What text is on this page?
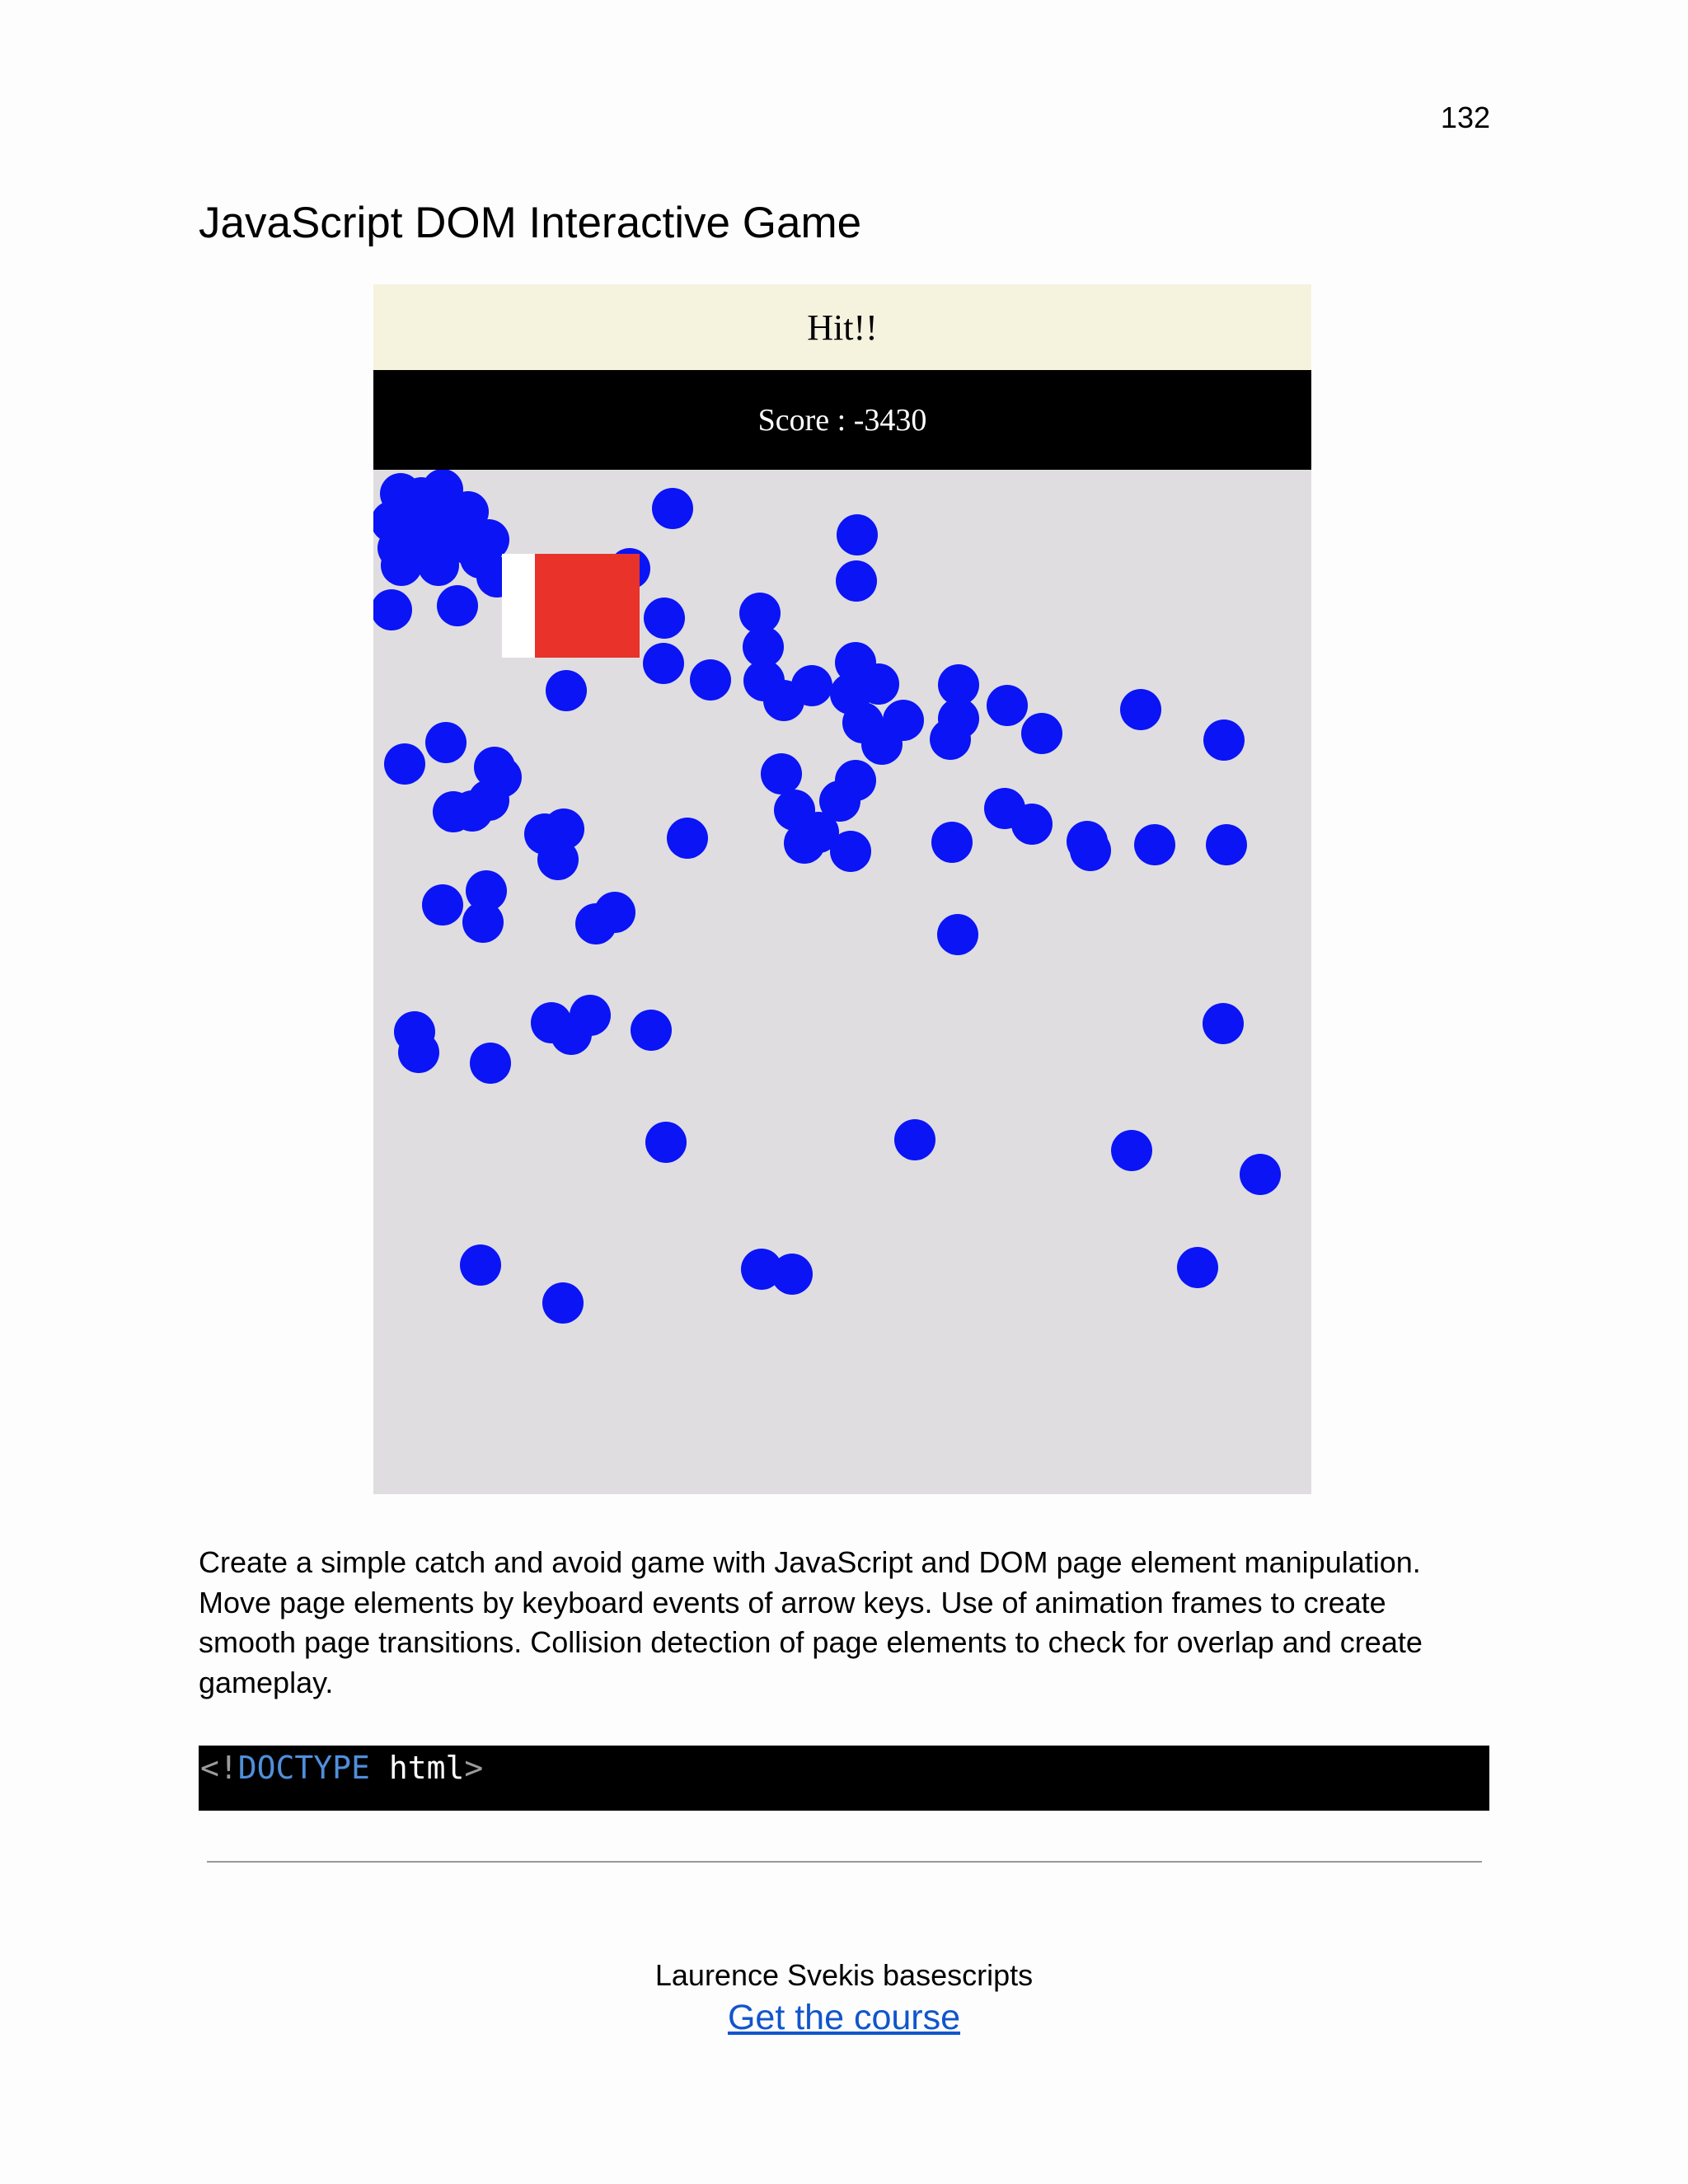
132
JavaScript DOM Interactive Game
Hit!!
Score :
-3430

Create a simple catch and avoid game with JavaScript and DOM page element manipulation.
Move page elements by keyboard events of arrow keys. Use of animation frames to create
smooth page transitions. Collision detection of page elements to check for overlap and create
gameplay.

<!DOCTYPE html>
Laurence Svekis basescripts
Get the course
